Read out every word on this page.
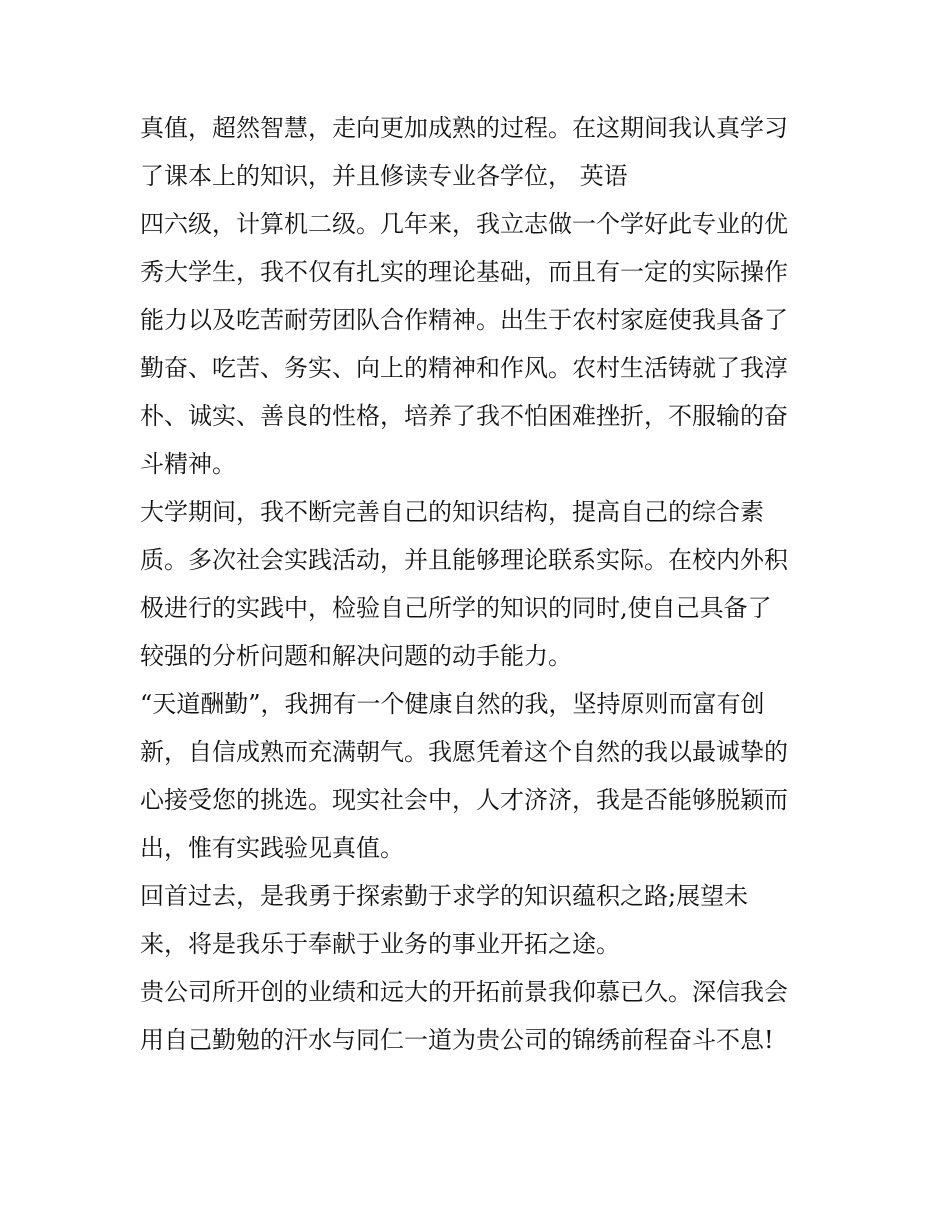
真值，超然智慧，走向更加成熟的过程。在这期间我认真学习
了课本上的知识，并且修读专业各学位， 英语
四六级，计算机二级。几年来，我立志做一个学好此专业的优
秀大学生，我不仅有扎实的理论基础，而且有一定的实际操作
能力以及吃苦耐劳团队合作精神。出生于农村家庭使我具备了
勤奋、吃苦、务实、向上的精神和作风。农村生活铸就了我淳
朴、诚实、善良的性格，培养了我不怕困难挫折，不服输的奋
斗精神。
大学期间，我不断完善自己的知识结构，提高自己的综合素
质。多次社会实践活动，并且能够理论联系实际。在校内外积
极进行的实践中，检验自己所学的知识的同时,使自己具备了
较强的分析问题和解决问题的动手能力。
“天道酬勤”，我拥有一个健康自然的我，坚持原则而富有创
新，自信成熟而充满朝气。我愿凭着这个自然的我以最诚挚的
心接受您的挑选。现实社会中，人才济济，我是否能够脱颖而
出，惟有实践验见真值。
回首过去，是我勇于探索勤于求学的知识蕴积之路;展望未
来，将是我乐于奉献于业务的事业开拓之途。
贵公司所开创的业绩和远大的开拓前景我仰慕已久。深信我会
用自己勤勉的汗水与同仁一道为贵公司的锦绣前程奋斗不息!
